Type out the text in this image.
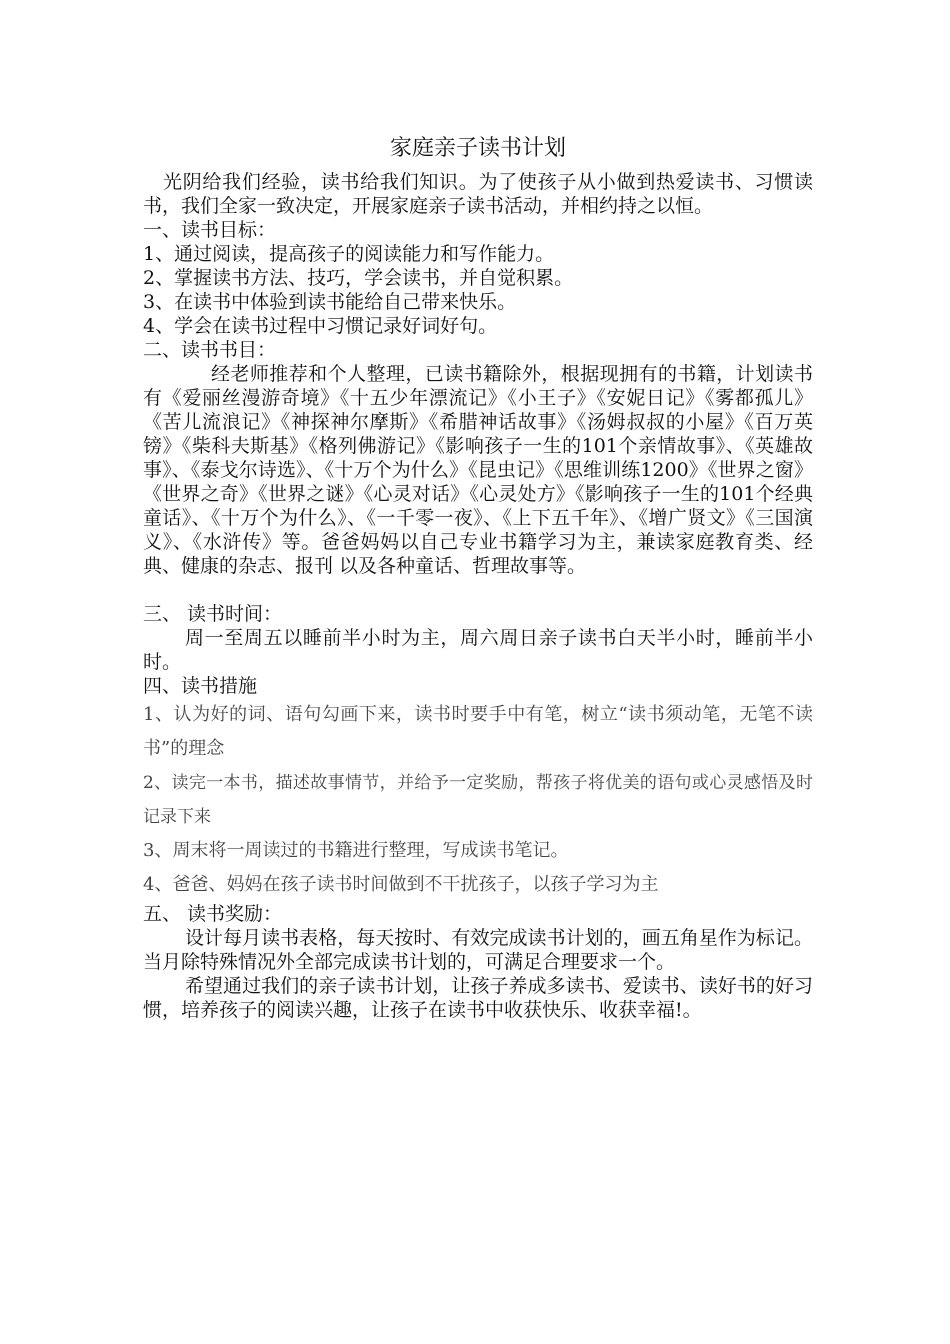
家庭亲子读书计划

光阴给我们经验，读书给我们知识。为了使孩子从小做到热爱读书、习惯读书，我们全家一致决定，开展家庭亲子读书活动，并相约持之以恒。

一、读书目标：

1、通过阅读，提高孩子的阅读能力和写作能力。

2、掌握读书方法、技巧，学会读书，并自觉积累。

3、在读书中体验到读书能给自己带来快乐。

4、学会在读书过程中习惯记录好词好句。

二、读书书目：

经老师推荐和个人整理，已读书籍除外，根据现拥有的书籍，计划读书有《爱丽丝漫游奇境》《十五少年漂流记》《小王子》《安妮日记》《雾都孤儿》《苦儿流浪记》《神探神尔摩斯》《希腊神话故事》《汤姆叔叔的小屋》《百万英镑》《柴科夫斯基》《格列佛游记》《影响孩子一生的101个亲情故事》、《英雄故事》、《泰戈尔诗选》、《十万个为什么》《昆虫记》《思维训练1200》《世界之窗》《世界之奇》《世界之谜》《心灵对话》《心灵处方》《影响孩子一生的101个经典童话》、《十万个为什么》、《一千零一夜》、《上下五千年》、《增广贤文》《三国演义》、《水浒传》等。爸爸妈妈以自己专业书籍学习为主，兼读家庭教育类、经典、健康的杂志、报刊 以及各种童话、哲理故事等。

三、 读书时间：

周一至周五以睡前半小时为主，周六周日亲子读书白天半小时，睡前半小时。

四、读书措施

1、认为好的词、语句勾画下来，读书时要手中有笔，树立“读书须动笔，无笔不读书”的理念

2、读完一本书，描述故事情节，并给予一定奖励，帮孩子将优美的语句或心灵感悟及时记录下来

3、周末将一周读过的书籍进行整理，写成读书笔记。

4、爸爸、妈妈在孩子读书时间做到不干扰孩子，以孩子学习为主

五、 读书奖励：

设计每月读书表格，每天按时、有效完成读书计划的，画五角星作为标记。当月除特殊情况外全部完成读书计划的，可满足合理要求一个。

希望通过我们的亲子读书计划，让孩子养成多读书、爱读书、读好书的好习惯，培养孩子的阅读兴趣，让孩子在读书中收获快乐、收获幸福!。
